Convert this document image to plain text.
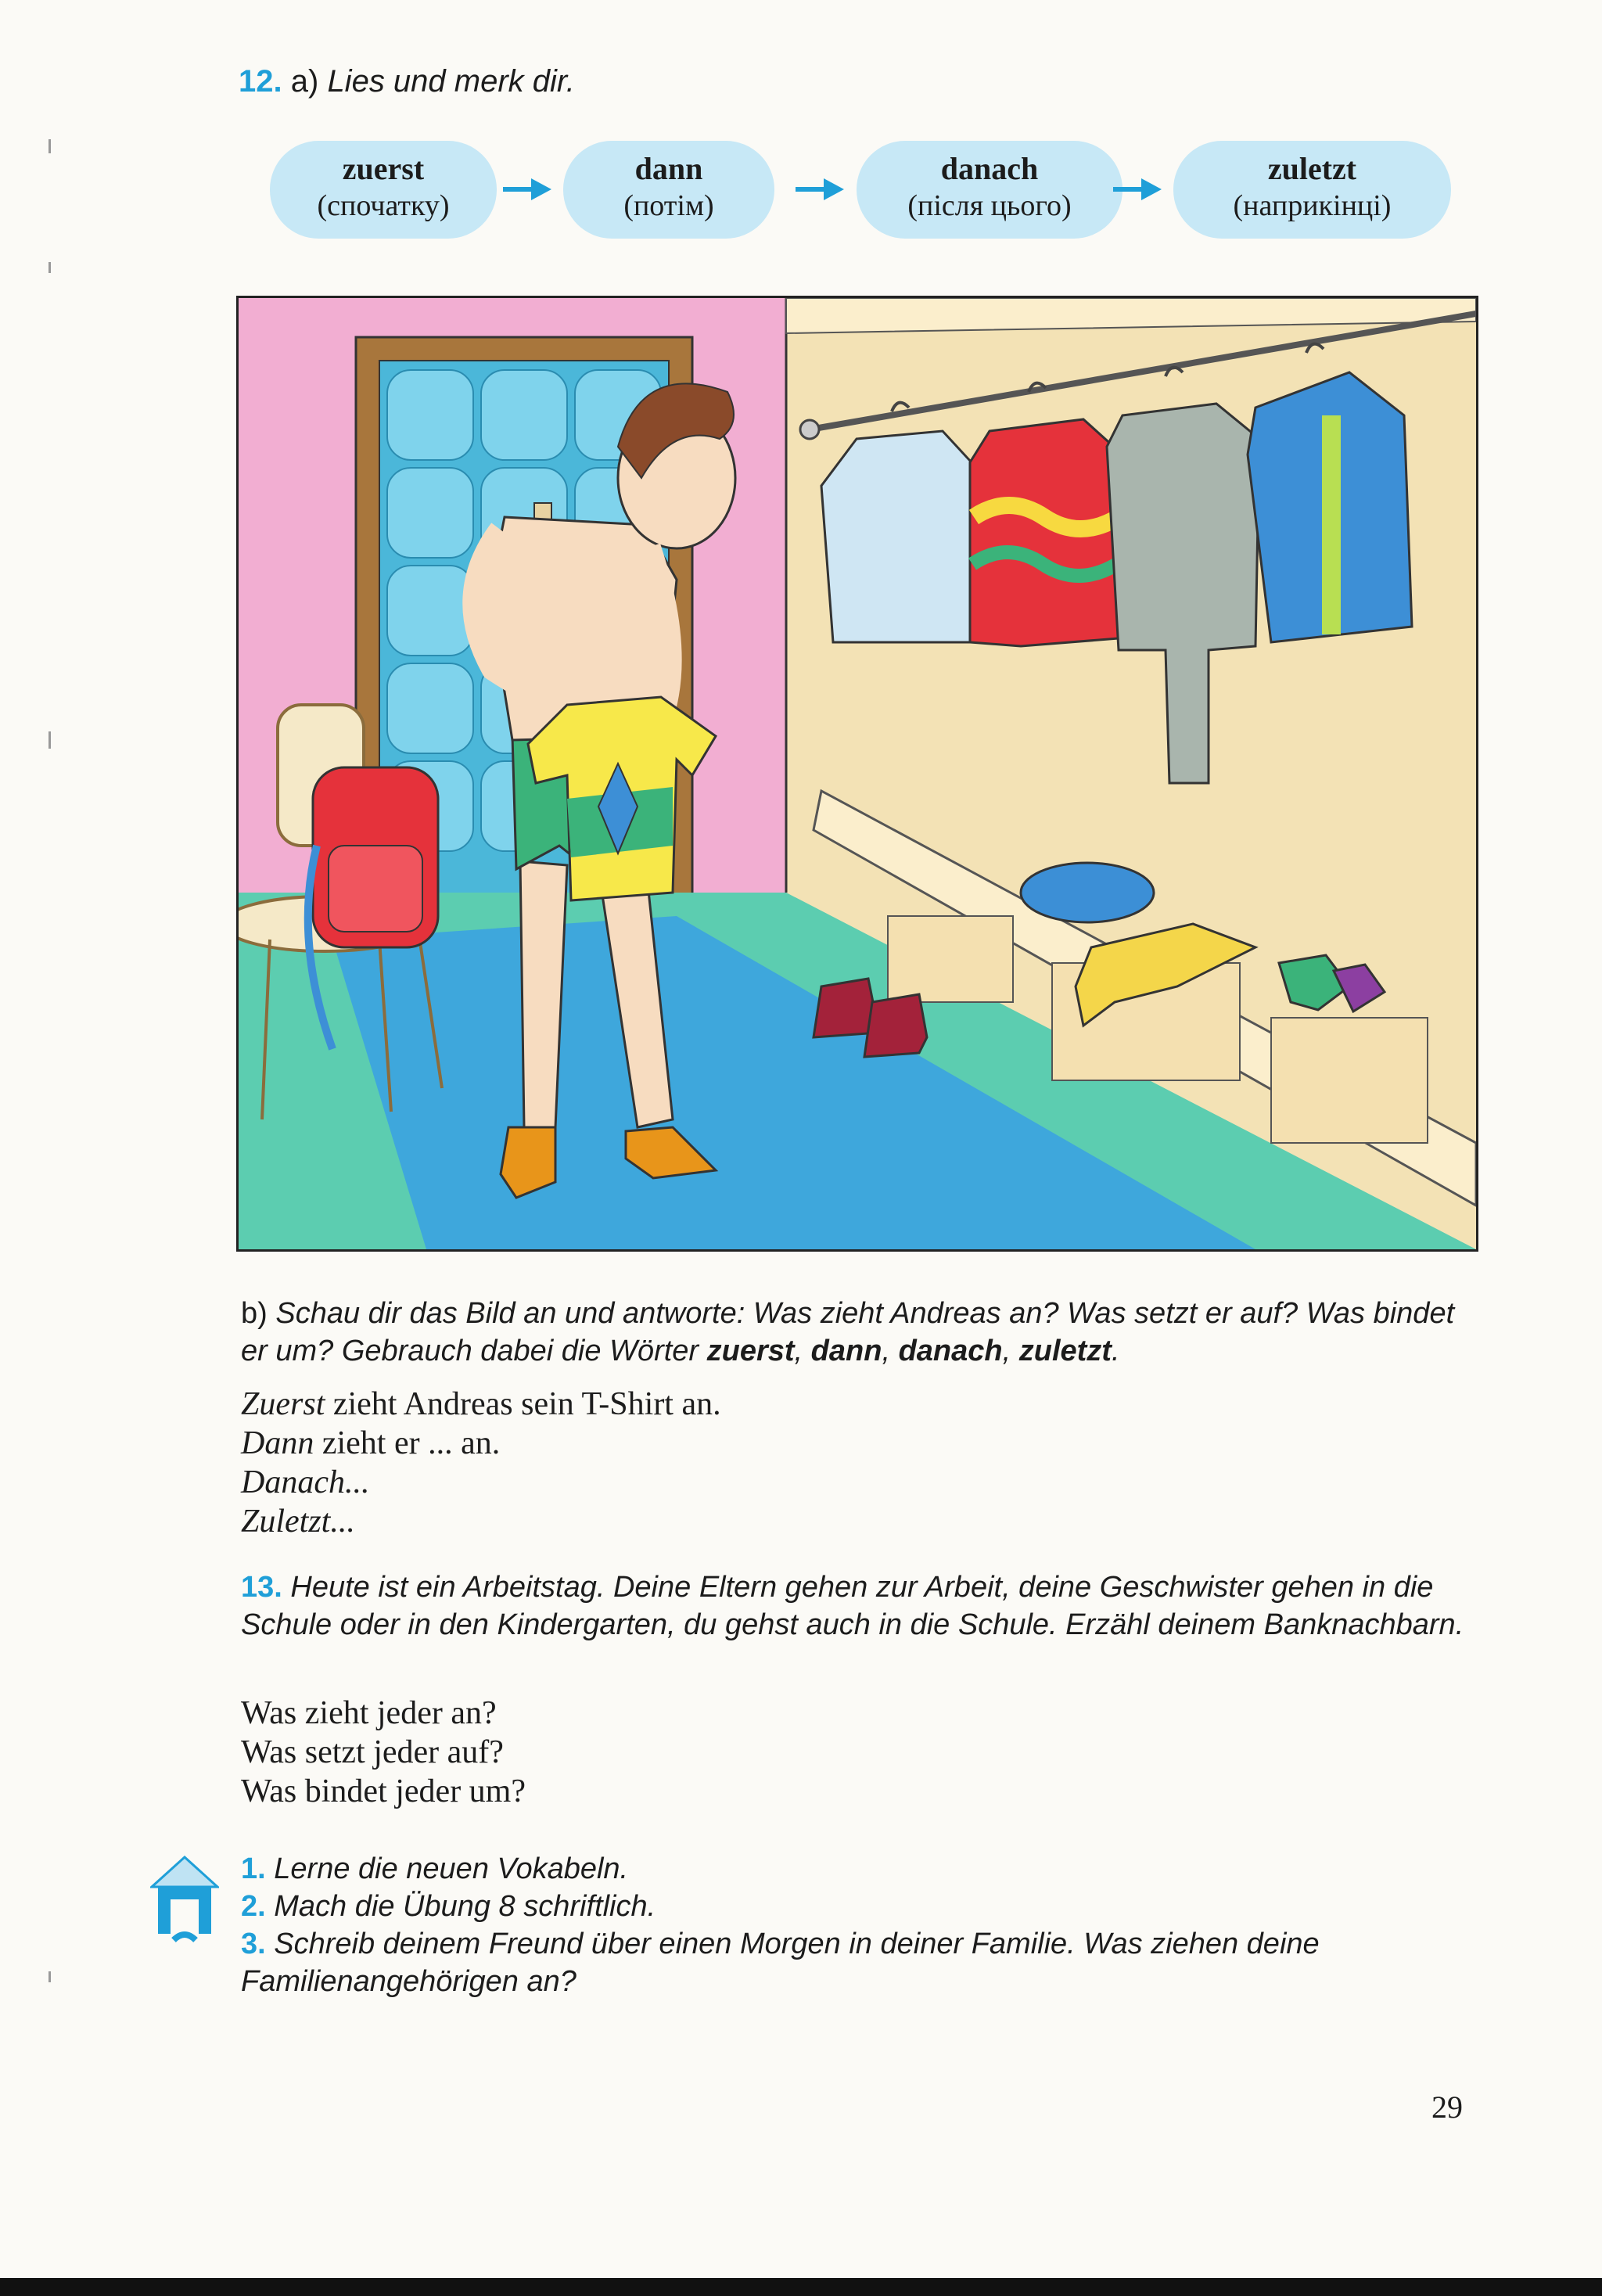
12. a) Lies und merk dir.
zuerst
(спочатку)
dann
(потім)
danach
(після цього)
zuletzt
(наприкінці)
b) Schau dir das Bild an und antworte: Was zieht Andreas an? Was setzt er auf? Was bindet er um? Gebrauch dabei die Wörter zuerst, dann, danach, zuletzt.
Zuerst zieht Andreas sein T-Shirt an.
Dann zieht er ... an.
Danach...
Zuletzt...
13. Heute ist ein Arbeitstag. Deine Eltern gehen zur Arbeit, deine Geschwister gehen in die Schule oder in den Kindergarten, du gehst auch in die Schule. Erzähl deinem Banknachbarn.
Was zieht jeder an?
Was setzt jeder auf?
Was bindet jeder um?
1. Lerne die neuen Vokabeln.
2. Mach die Übung 8 schriftlich.
3. Schreib deinem Freund über einen Morgen in deiner Familie. Was ziehen deine Familienangehörigen an?
29
